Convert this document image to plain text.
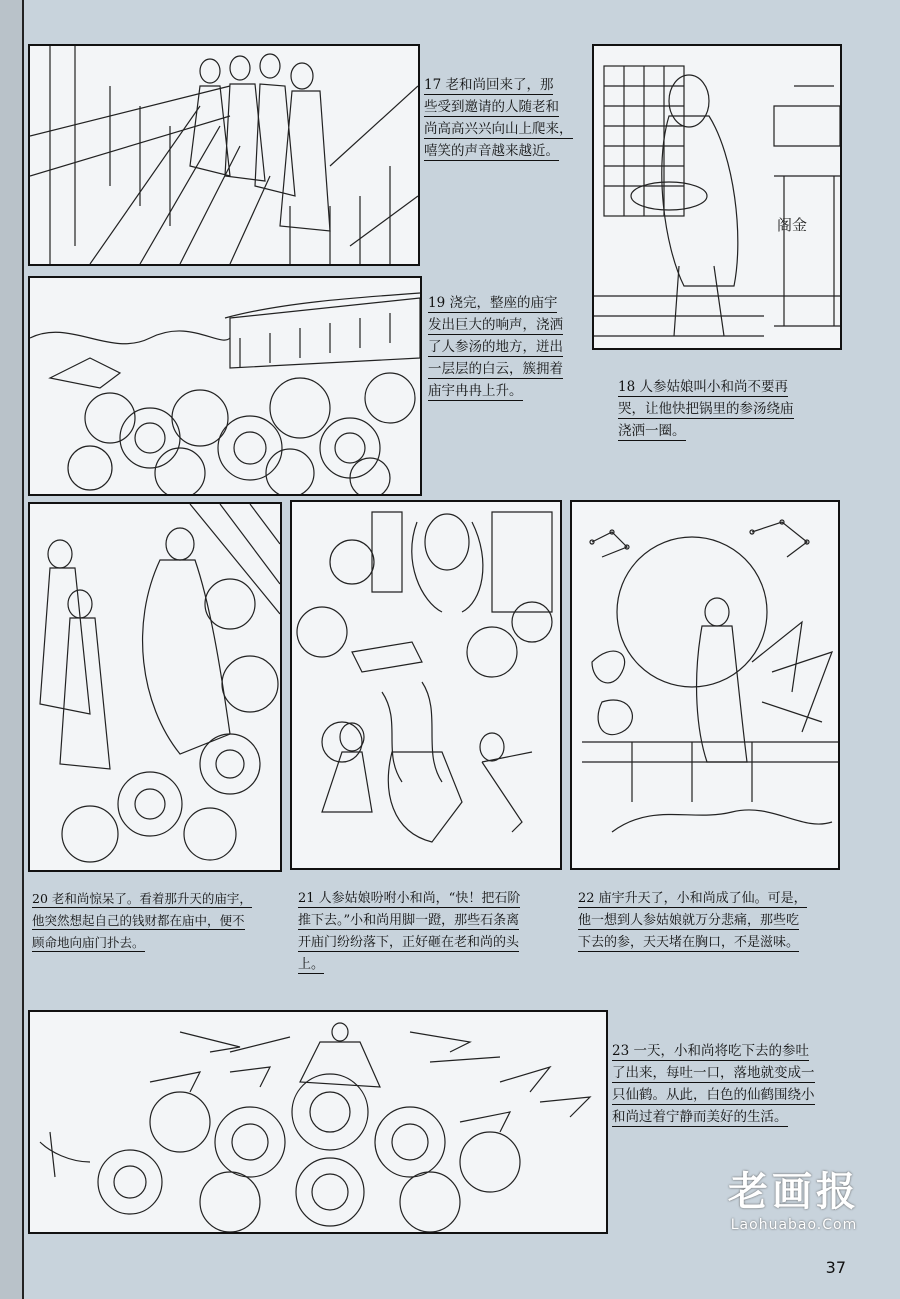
17 老和尚回来了，那
些受到邀请的人随老和
尚高高兴兴向山上爬来，
嘻笑的声音越来越近。
阁金
19 浇完，整座的庙宇
发出巨大的响声，浇洒
了人参汤的地方，迸出
一层层的白云，簇拥着
庙宇冉冉上升。	18 人参姑娘叫小和尚不要再
哭，让他快把锅里的参汤绕庙
浇洒一圈。
20 老和尚惊呆了。看着那升天的庙宇，
他突然想起自己的钱财都在庙中，便不
顾命地向庙门扑去。
21 人参姑娘吩咐小和尚，“快！把石阶
推下去。”小和尚用脚一蹬，那些石条离
开庙门纷纷落下，正好砸在老和尚的头
上。
22 庙宇升天了，小和尚成了仙。可是，
他一想到人参姑娘就万分悲痛，那些吃
下去的参，天天堵在胸口，不是滋味。
23 一天，小和尚将吃下去的参吐
了出来，每吐一口，落地就变成一
只仙鹤。从此，白色的仙鹤围绕小
和尚过着宁静而美好的生活。
老画报
Laohuabao.Com
37
